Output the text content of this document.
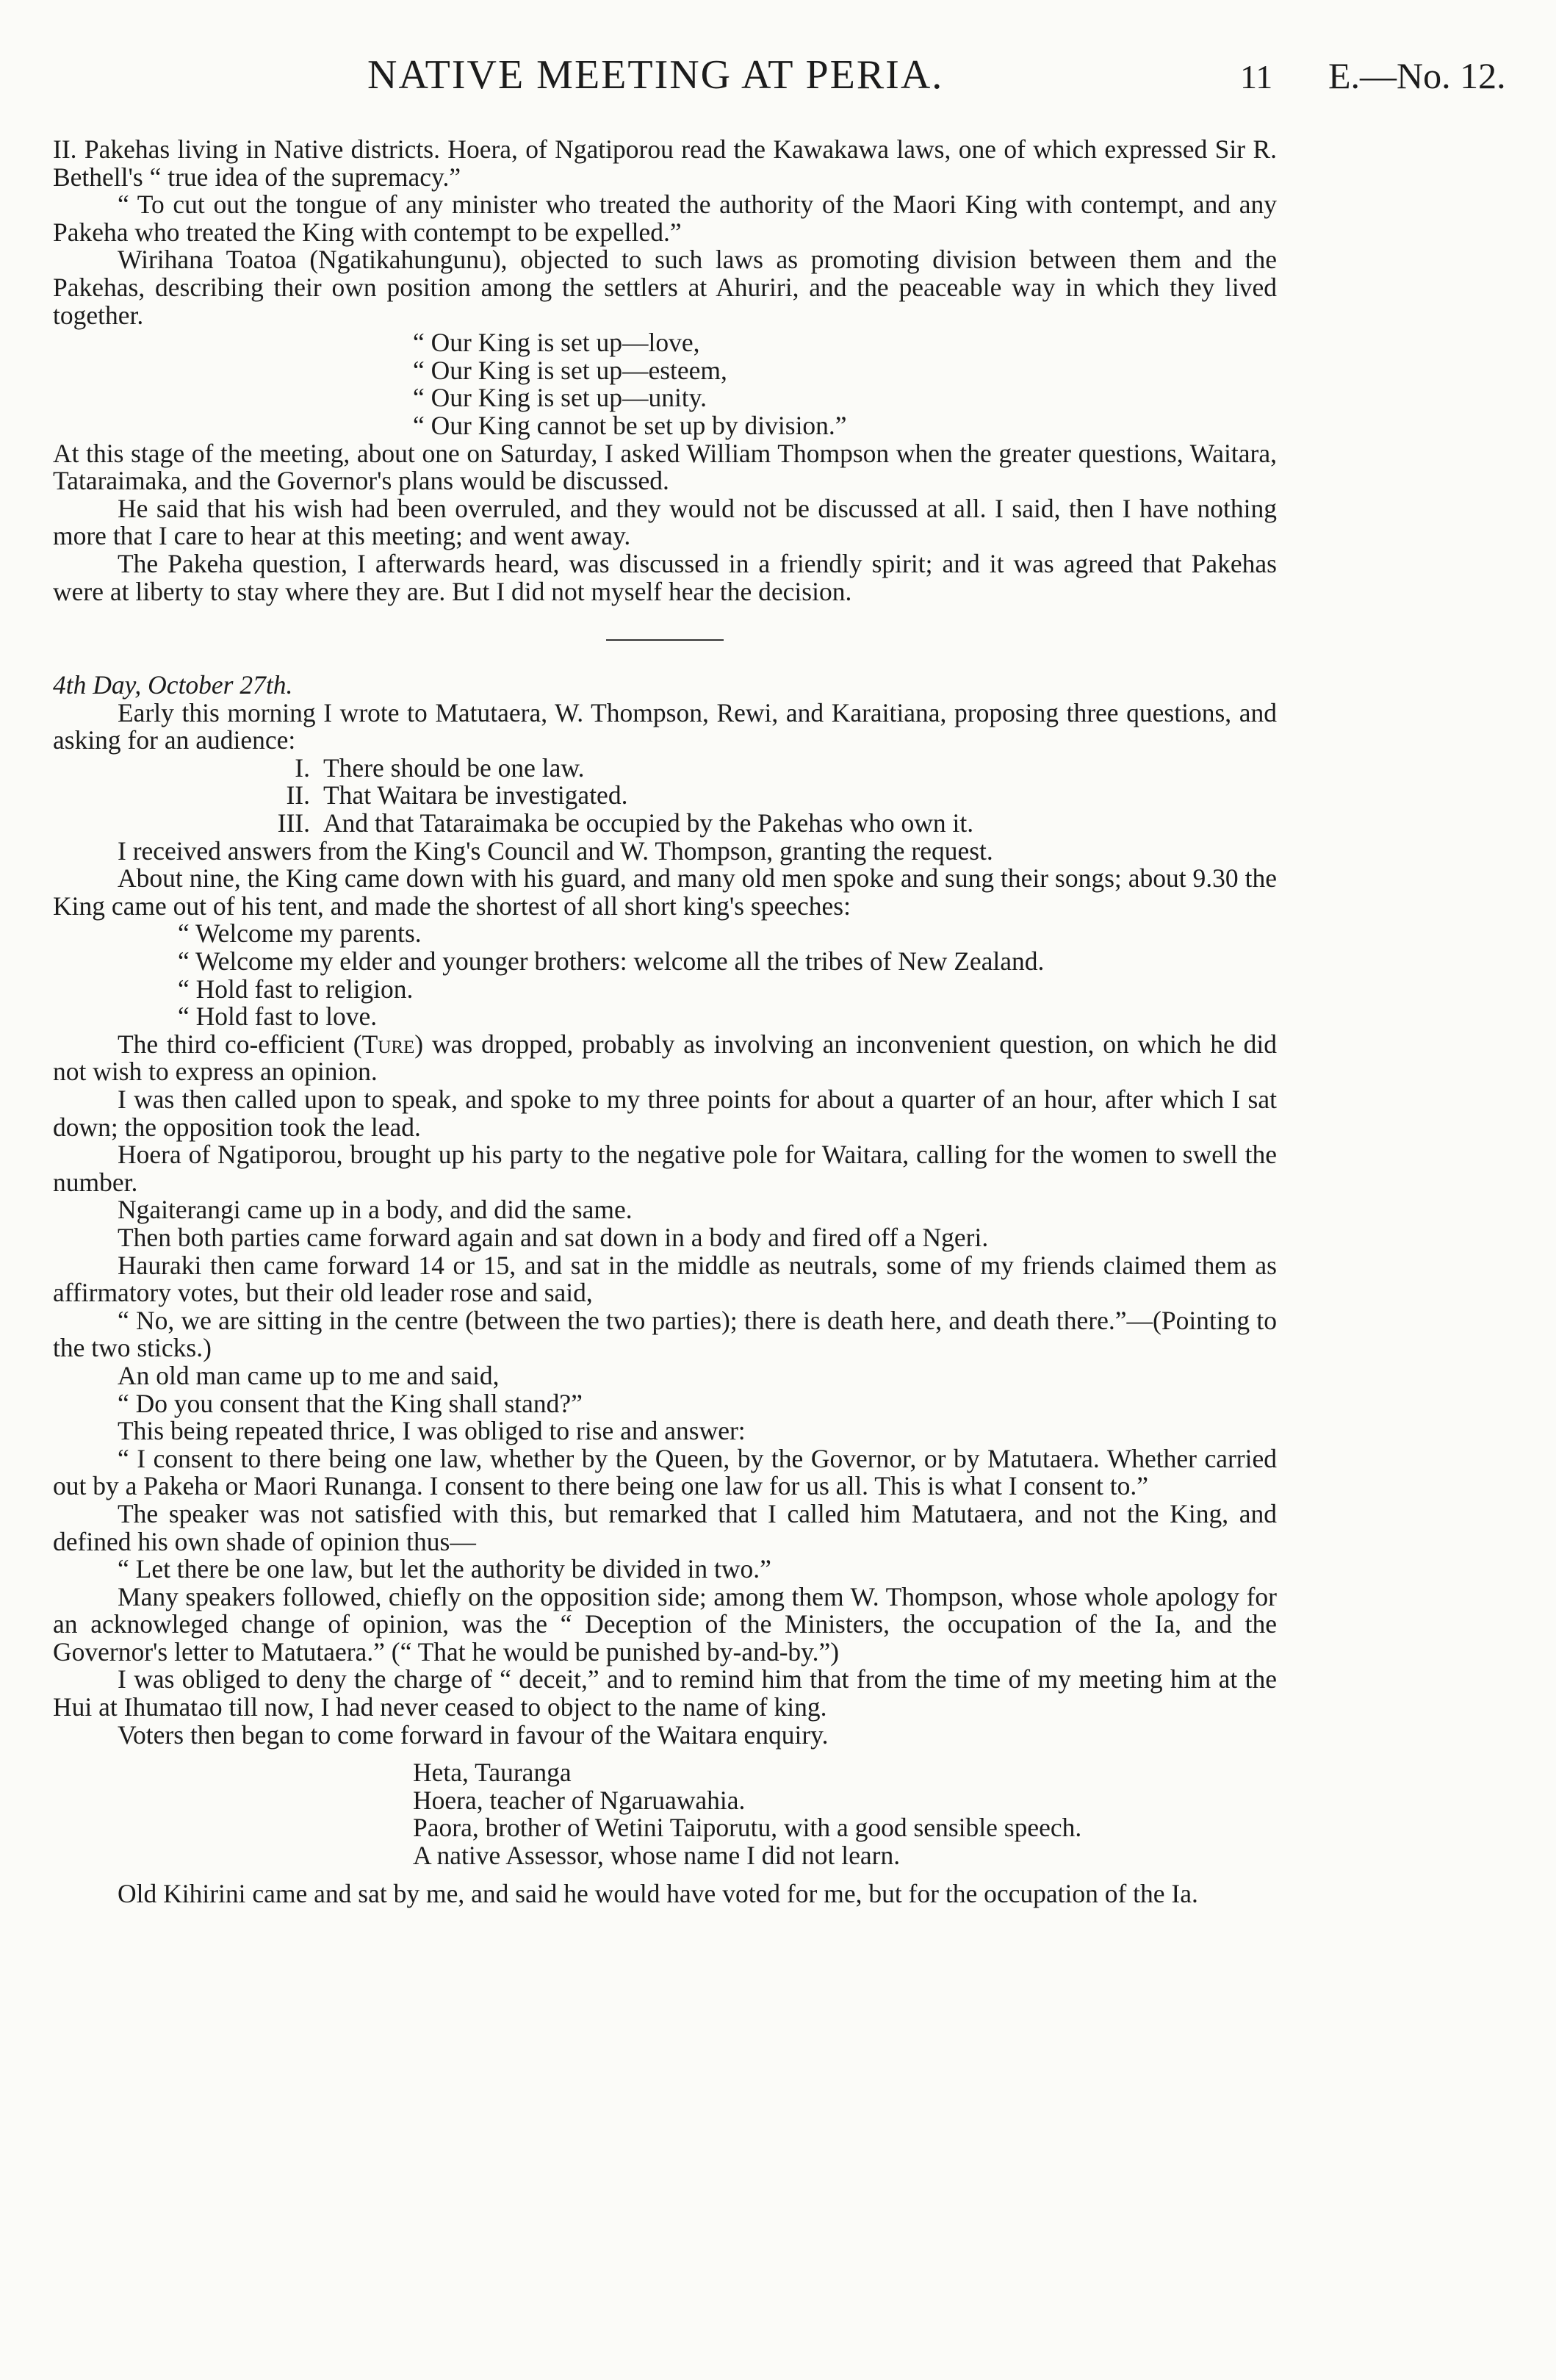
NATIVE MEETING AT PERIA.	11 E.—No. 12.

II. Pakehas living in Native districts. Hoera, of Ngatiporou read the Kawakawa laws, one of which expressed Sir R. Bethell's “ true idea of the supremacy.”

“ To cut out the tongue of any minister who treated the authority of the Maori King with contempt, and any Pakeha who treated the King with contempt to be expelled.”

Wirihana Toatoa (Ngatikahungunu), objected to such laws as promoting division between them and the Pakehas, describing their own position among the settlers at Ahuriri, and the peaceable way in which they lived together.

“ Our King is set up—love,

“ Our King is set up—esteem,

“ Our King is set up—unity.

“ Our King cannot be set up by division.”

At this stage of the meeting, about one on Saturday, I asked William Thompson when the greater questions, Waitara, Tataraimaka, and the Governor's plans would be discussed.

He said that his wish had been overruled, and they would not be discussed at all. I said, then I have nothing more that I care to hear at this meeting; and went away.

The Pakeha question, I afterwards heard, was discussed in a friendly spirit; and it was agreed that Pakehas were at liberty to stay where they are. But I did not myself hear the decision.

4th Day, October 27th.

Early this morning I wrote to Matutaera, W. Thompson, Rewi, and Karaitiana, proposing three questions, and asking for an audience:

I. There should be one law.
II. That Waitara be investigated.
III. And that Tataraimaka be occupied by the Pakehas who own it.

I received answers from the King's Council and W. Thompson, granting the request.

About nine, the King came down with his guard, and many old men spoke and sung their songs; about 9.30 the King came out of his tent, and made the shortest of all short king's speeches:

“ Welcome my parents.

“ Welcome my elder and younger brothers: welcome all the tribes of New Zealand.

“ Hold fast to religion.

“ Hold fast to love.

The third co-efficient (Ture) was dropped, probably as involving an inconvenient question, on which he did not wish to express an opinion.

I was then called upon to speak, and spoke to my three points for about a quarter of an hour, after which I sat down; the opposition took the lead.

Hoera of Ngatiporou, brought up his party to the negative pole for Waitara, calling for the women to swell the number.

Ngaiterangi came up in a body, and did the same.

Then both parties came forward again and sat down in a body and fired off a Ngeri.

Hauraki then came forward 14 or 15, and sat in the middle as neutrals, some of my friends claimed them as affirmatory votes, but their old leader rose and said,

“ No, we are sitting in the centre (between the two parties); there is death here, and death there.”—(Pointing to the two sticks.)

An old man came up to me and said,

“ Do you consent that the King shall stand?”

This being repeated thrice, I was obliged to rise and answer:

“ I consent to there being one law, whether by the Queen, by the Governor, or by Matutaera. Whether carried out by a Pakeha or Maori Runanga. I consent to there being one law for us all. This is what I consent to.”

The speaker was not satisfied with this, but remarked that I called him Matutaera, and not the King, and defined his own shade of opinion thus—

“ Let there be one law, but let the authority be divided in two.”

Many speakers followed, chiefly on the opposition side; among them W. Thompson, whose whole apology for an acknowleged change of opinion, was the “ Deception of the Ministers, the occupation of the Ia, and the Governor's letter to Matutaera.” (“ That he would be punished by-and-by.”)

I was obliged to deny the charge of “ deceit,” and to remind him that from the time of my meeting him at the Hui at Ihumatao till now, I had never ceased to object to the name of king.

Voters then began to come forward in favour of the Waitara enquiry.

Heta, Tauranga

Hoera, teacher of Ngaruawahia.

Paora, brother of Wetini Taiporutu, with a good sensible speech.

A native Assessor, whose name I did not learn.

Old Kihirini came and sat by me, and said he would have voted for me, but for the occupation of the Ia.
